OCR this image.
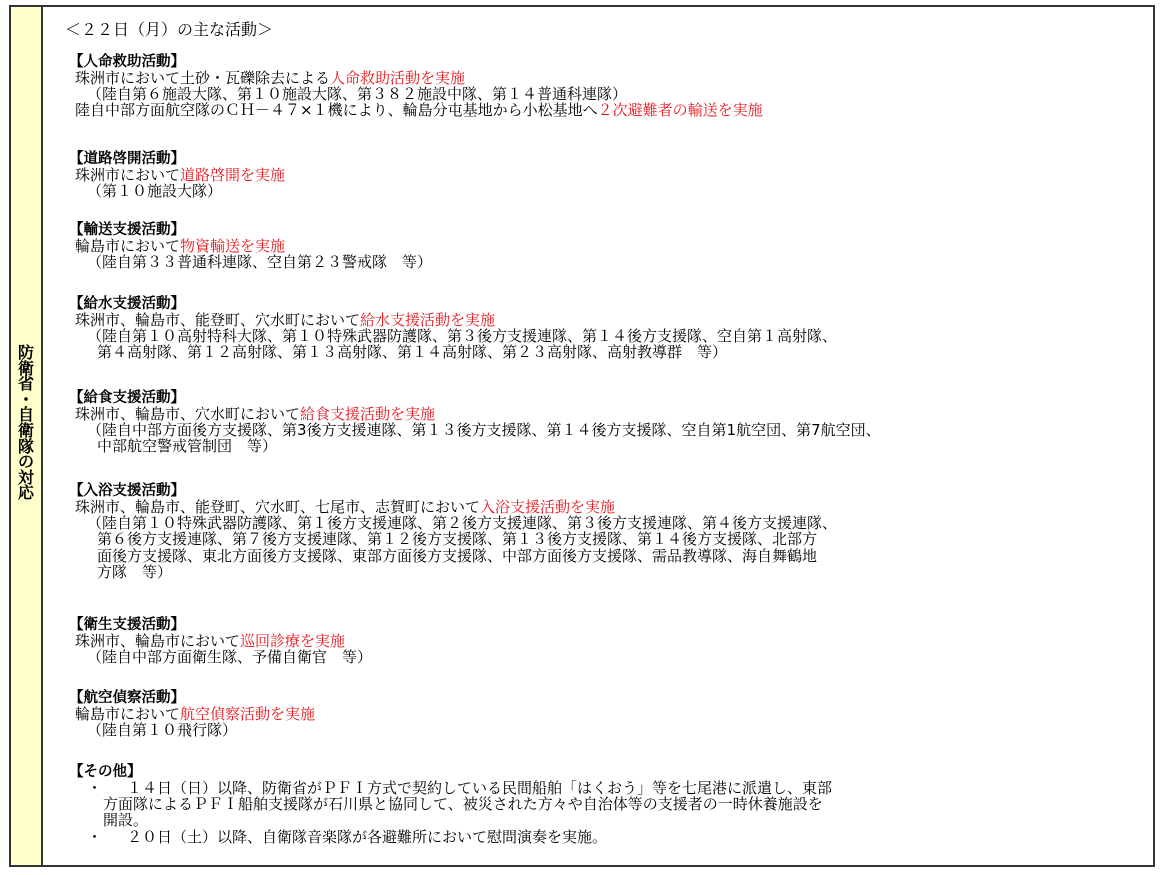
防
衛
省
・
自
衛
隊
の
対
応
＜２２日（月）の主な活動＞
【人命救助活動】
珠洲市において土砂・瓦礫除去による人命救助活動を実施
（陸自第６施設大隊、第１０施設大隊、第３８２施設中隊、第１４普通科連隊）
陸自中部方面航空隊のＣＨ－４７×１機により、輪島分屯基地から小松基地へ２次避難者の輸送を実施
【道路啓開活動】
珠洲市において道路啓開を実施
（第１０施設大隊）
【輸送支援活動】
輪島市において物資輸送を実施
（陸自第３３普通科連隊、空自第２３警戒隊　等）
【給水支援活動】
珠洲市、輪島市、能登町、穴水町において給水支援活動を実施
（陸自第１０高射特科大隊、第１０特殊武器防護隊、第３後方支援連隊、第１４後方支援隊、空自第１高射隊、
第４高射隊、第１２高射隊、第１３高射隊、第１４高射隊、第２３高射隊、高射教導群　等）
【給食支援活動】
珠洲市、輪島市、穴水町において給食支援活動を実施
（陸自中部方面後方支援隊、第3後方支援連隊、第１３後方支援隊、第１４後方支援隊、空自第1航空団、第7航空団、
中部航空警戒管制団　等）
【入浴支援活動】
珠洲市、輪島市、能登町、穴水町、七尾市、志賀町において入浴支援活動を実施
（陸自第１０特殊武器防護隊、第１後方支援連隊、第２後方支援連隊、第３後方支援連隊、第４後方支援連隊、
第６後方支援連隊、第７後方支援連隊、第１２後方支援隊、第１３後方支援隊、第１４後方支援隊、北部方
面後方支援隊、東北方面後方支援隊、東部方面後方支援隊、中部方面後方支援隊、需品教導隊、海自舞鶴地
方隊　等）
【衛生支援活動】
珠洲市、輪島市において巡回診療を実施
（陸自中部方面衛生隊、予備自衛官　等）
【航空偵察活動】
輪島市において航空偵察活動を実施
（陸自第１０飛行隊）
【その他】
・	１４日（日）以降、防衛省がＰＦＩ方式で契約している民間船舶「はくおう」等を七尾港に派遣し、東部
方面隊によるＰＦＩ船舶支援隊が石川県と協同して、被災された方々や自治体等の支援者の一時休養施設を
開設。
・	２０日（土）以降、自衛隊音楽隊が各避難所において慰問演奏を実施。
